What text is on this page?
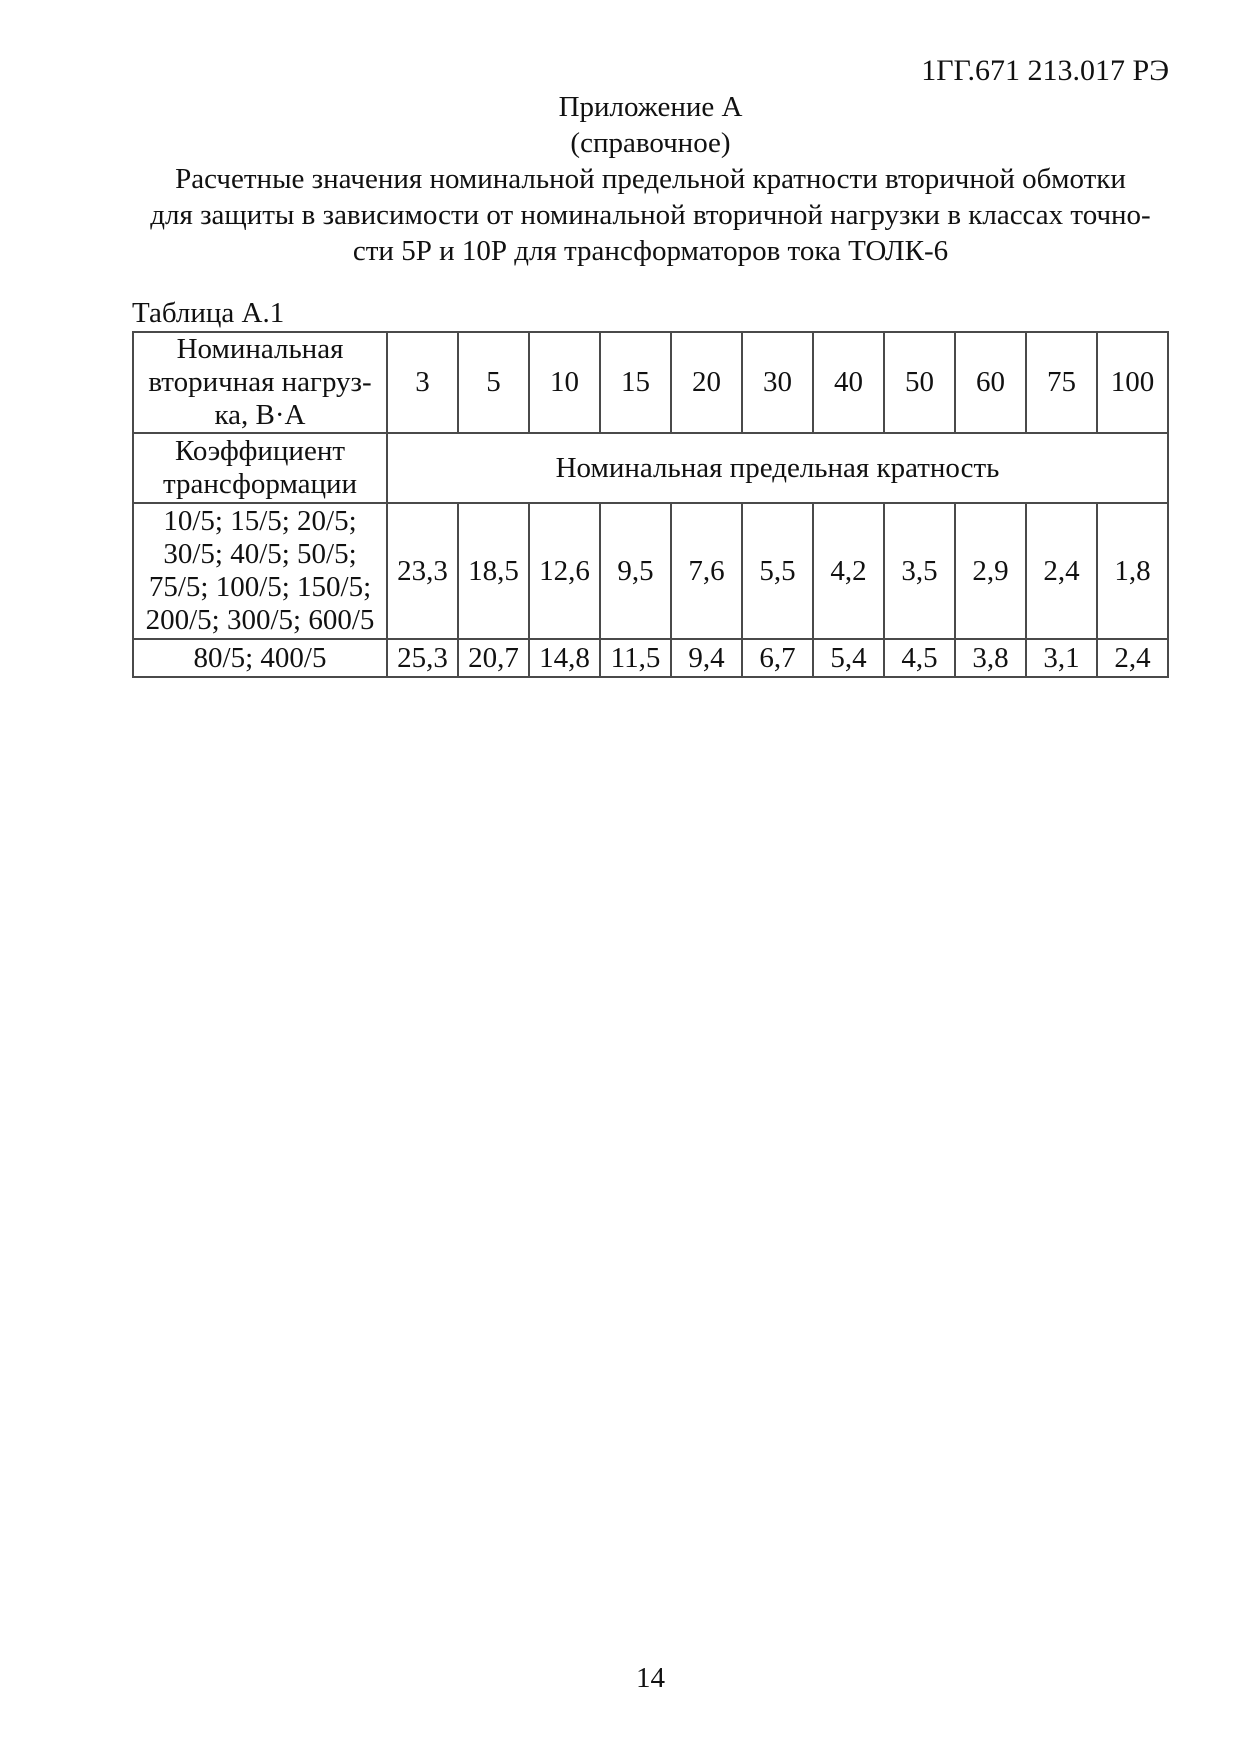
1ГГ.671 213.017 РЭ
Приложение А
(справочное)
Расчетные значения номинальной предельной кратности вторичной обмотки
для защиты в зависимости от номинальной вторичной нагрузки в классах точно-
сти 5Р и 10Р для трансформаторов тока ТОЛК-6
Таблица А.1
Номинальная
вторичная нагруз-
ка, В·А	3	5	10	15	20	30	40	50	60	75	100

Коэффициент
трансформации	Номинальная предельная кратность										

10/5; 15/5; 20/5;
30/5; 40/5; 50/5;
75/5; 100/5; 150/5;
200/5; 300/5; 600/5	23,3	18,5	12,6	9,5	7,6	5,5	4,2	3,5	2,9	2,4	1,8
80/5; 400/5	25,3	20,7	14,8	11,5	9,4	6,7	5,4	4,5	3,8	3,1	2,4
14
